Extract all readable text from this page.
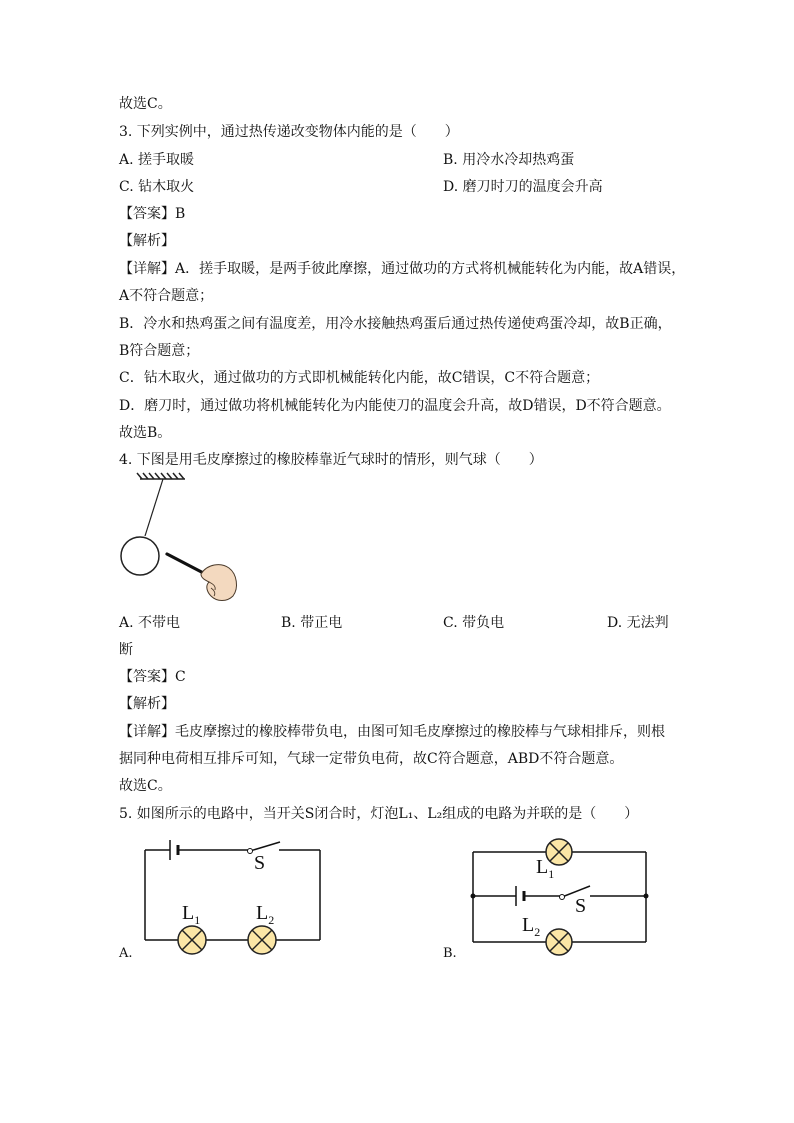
故选C。
3. 下列实例中，通过热传递改变物体内能的是（　　）
A. 搓手取暖	B. 用冷水冷却热鸡蛋
C. 钻木取火	D. 磨刀时刀的温度会升高
【答案】B
【解析】
【详解】A．搓手取暖，是两手彼此摩擦，通过做功的方式将机械能转化为内能，故A错误，
A不符合题意；
B．冷水和热鸡蛋之间有温度差，用冷水接触热鸡蛋后通过热传递使鸡蛋冷却，故B正确，
B符合题意；
C．钻木取火，通过做功的方式即机械能转化内能，故C错误，C不符合题意；
D．磨刀时，通过做功将机械能转化为内能使刀的温度会升高，故D错误，D不符合题意。
故选B。
4. 下图是用毛皮摩擦过的橡胶棒靠近气球时的情形，则气球（　　）
A. 不带电	B. 带正电	C. 带负电	D. 无法判
断
【答案】C
【解析】
【详解】毛皮摩擦过的橡胶棒带负电，由图可知毛皮摩擦过的橡胶棒与气球相排斥，则根
据同种电荷相互排斥可知，气球一定带负电荷，故C符合题意，ABD不符合题意。
故选C。
5. 如图所示的电路中，当开关S闭合时，灯泡L₁、L₂组成的电路为并联的是（　　）
S
$L_1$	$L_2$
A.
$L_1$
S
$L_2$
B.
